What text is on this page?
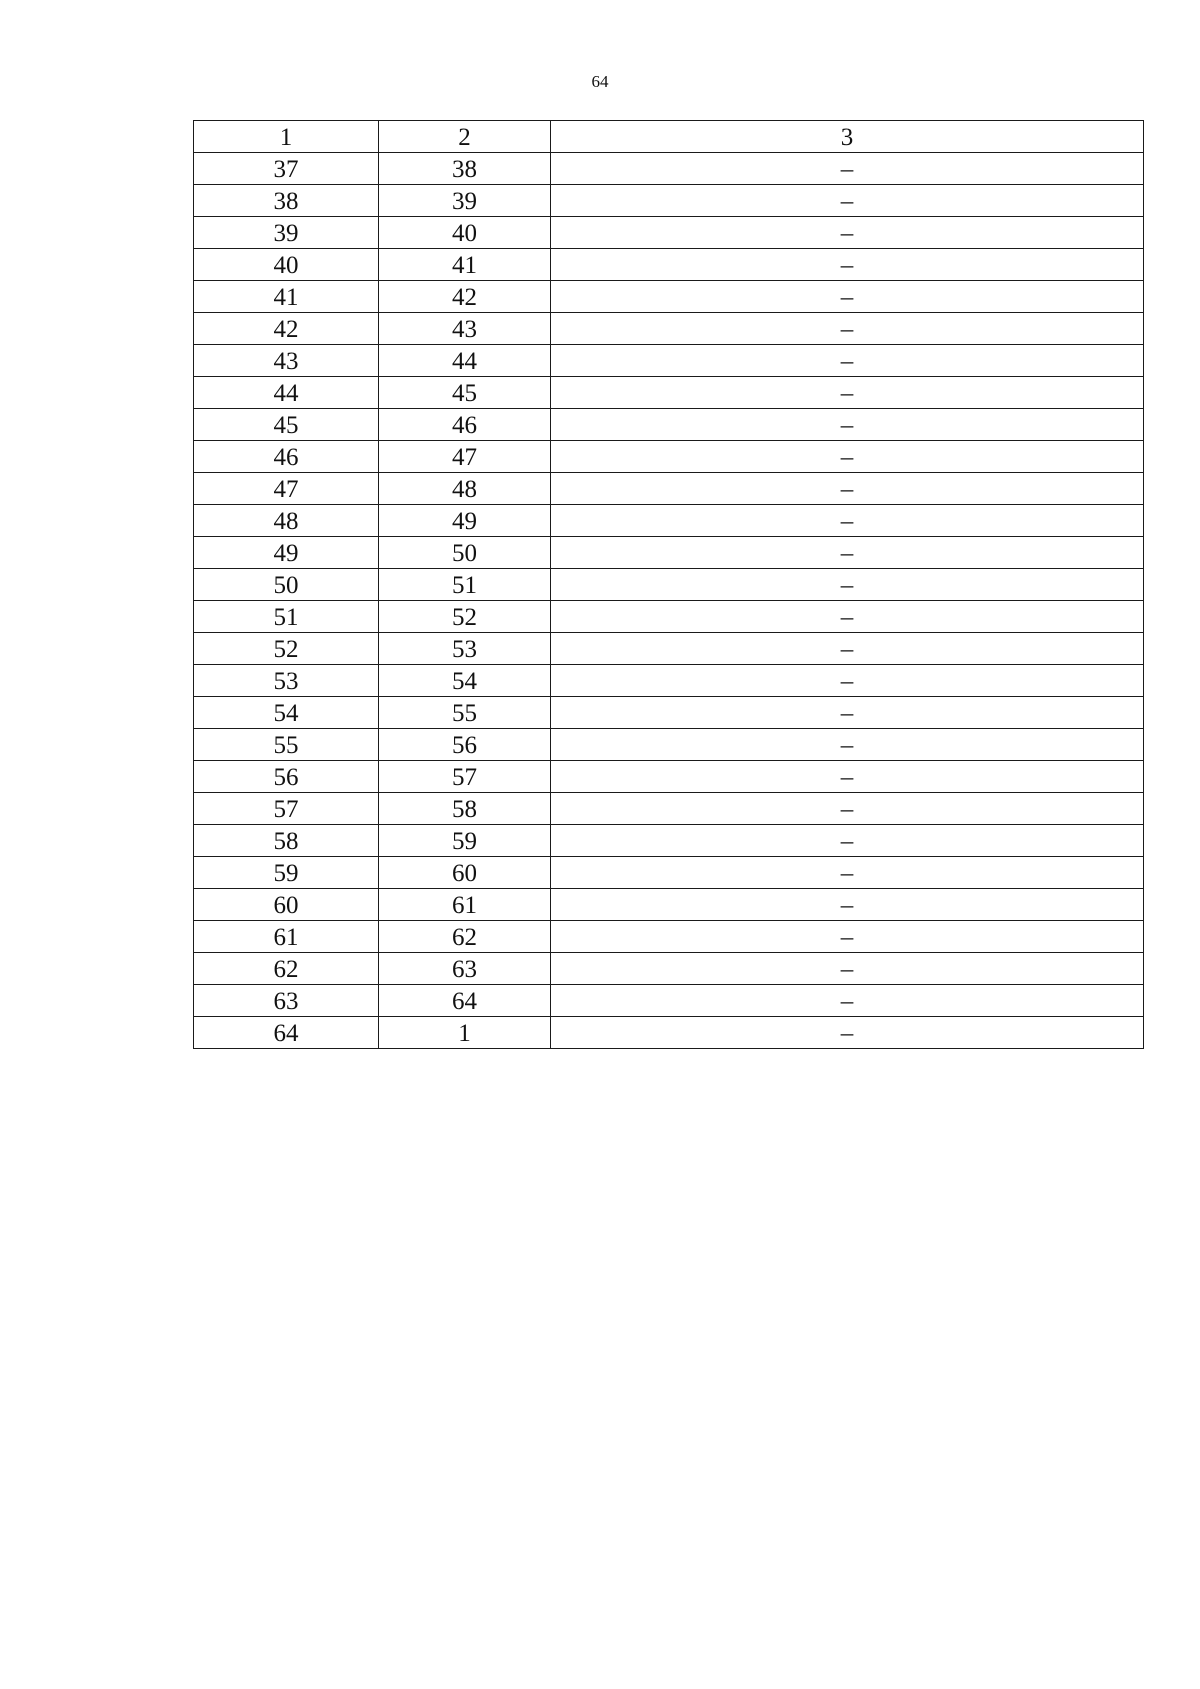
64
1	2	3
37	38	–
38	39	–
39	40	–
40	41	–
41	42	–
42	43	–
43	44	–
44	45	–
45	46	–
46	47	–
47	48	–
48	49	–
49	50	–
50	51	–
51	52	–
52	53	–
53	54	–
54	55	–
55	56	–
56	57	–
57	58	–
58	59	–
59	60	–
60	61	–
61	62	–
62	63	–
63	64	–
64	1	–
